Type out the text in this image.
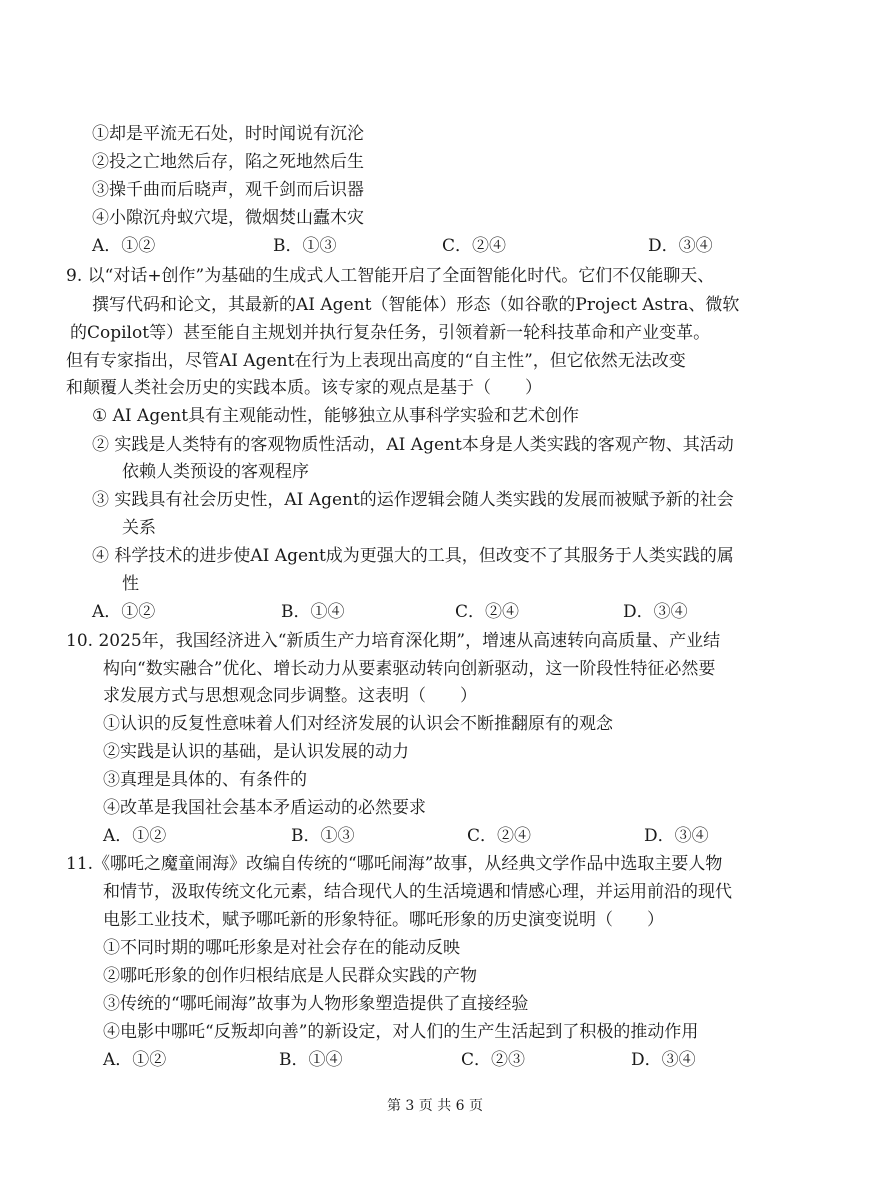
①却是平流无石处，时时闻说有沉沦
②投之亡地然后存，陷之死地然后生
③操千曲而后晓声，观千剑而后识器
④小隙沉舟蚁穴堤，微烟焚山蠹木灾
A．①②	B．①③	C．②④	D．③④
9. 以“对话+创作”为基础的生成式人工智能开启了全面智能化时代。它们不仅能聊天、
撰写代码和论文，其最新的AI Agent（智能体）形态（如谷歌的Project Astra、微软
的Copilot等）甚至能自主规划并执行复杂任务，引领着新一轮科技革命和产业变革。
但有专家指出，尽管AI Agent在行为上表现出高度的“自主性”，但它依然无法改变
和颠覆人类社会历史的实践本质。该专家的观点是基于（　　）
① AI Agent具有主观能动性，能够独立从事科学实验和艺术创作
② 实践是人类特有的客观物质性活动，AI Agent本身是人类实践的客观产物、其活动
依赖人类预设的客观程序
③ 实践具有社会历史性，AI Agent的运作逻辑会随人类实践的发展而被赋予新的社会
关系
④ 科学技术的进步使AI Agent成为更强大的工具，但改变不了其服务于人类实践的属
性
A．①②	B．①④	C．②④	D．③④
10. 2025年，我国经济进入“新质生产力培育深化期”，增速从高速转向高质量、产业结
构向“数实融合”优化、增长动力从要素驱动转向创新驱动，这一阶段性特征必然要
求发展方式与思想观念同步调整。这表明（　　）
①认识的反复性意味着人们对经济发展的认识会不断推翻原有的观念
②实践是认识的基础，是认识发展的动力
③真理是具体的、有条件的
④改革是我国社会基本矛盾运动的必然要求
A．①②	B．①③	C．②④	D．③④
11.《哪吒之魔童闹海》改编自传统的“哪吒闹海”故事，从经典文学作品中选取主要人物
和情节，汲取传统文化元素，结合现代人的生活境遇和情感心理，并运用前沿的现代
电影工业技术，赋予哪吒新的形象特征。哪吒形象的历史演变说明（　　）
①不同时期的哪吒形象是对社会存在的能动反映
②哪吒形象的创作归根结底是人民群众实践的产物
③传统的“哪吒闹海”故事为人物形象塑造提供了直接经验
④电影中哪吒“反叛却向善”的新设定，对人们的生产生活起到了积极的推动作用
A．①②	B．①④	C．②③	D．③④
第 3 页 共 6 页
